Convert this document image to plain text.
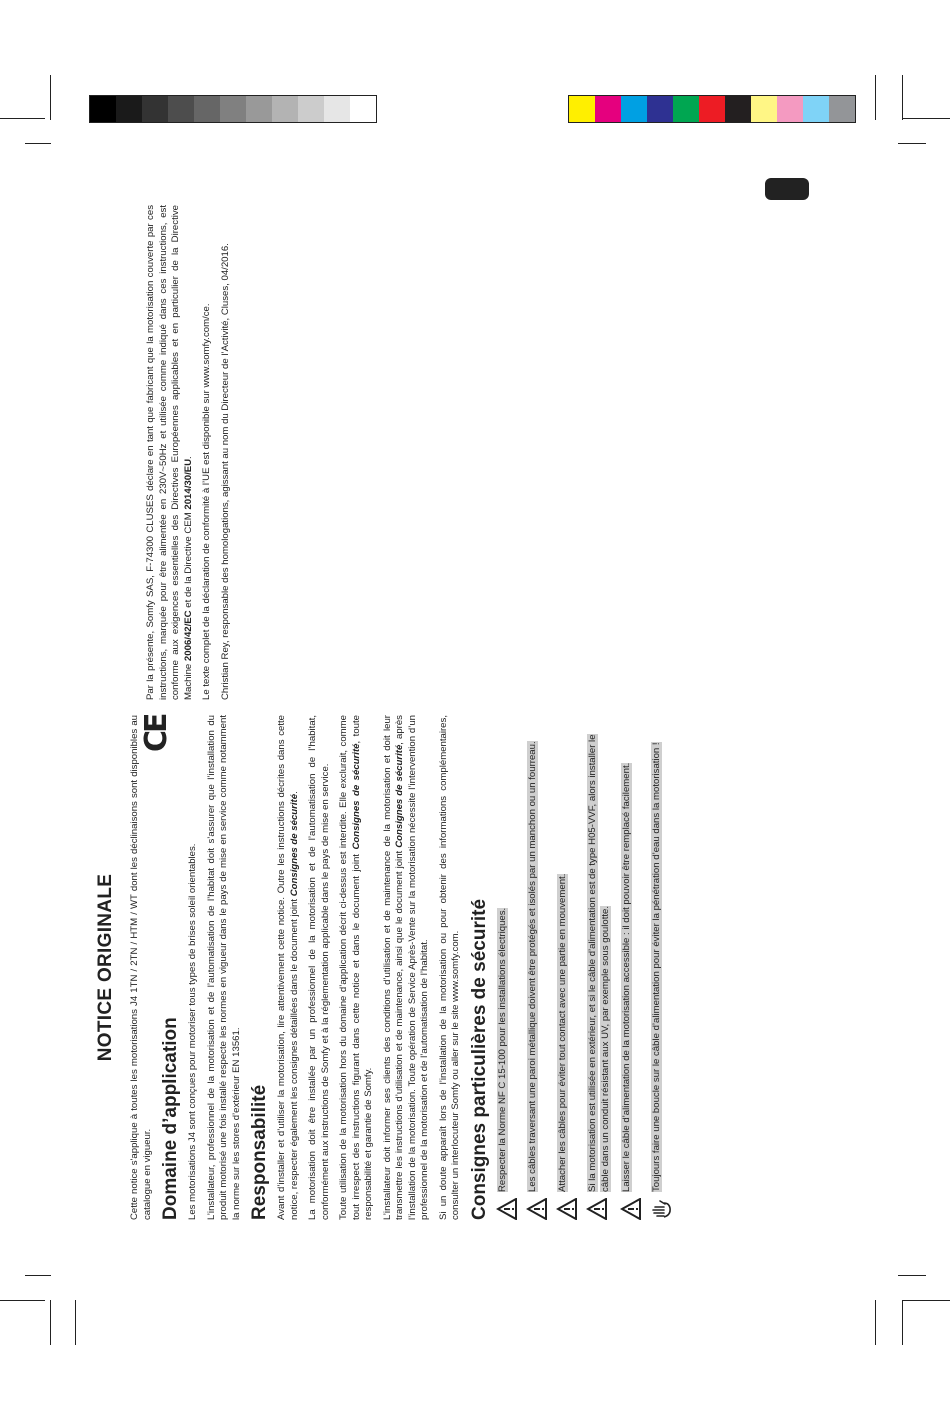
NOTICE ORIGINALE Cette notice s'applique à toutes les motorisations J4 1TN / 2TN / HTM / WT dont les déclinaisons sont disponibles au catalogue en vigueur. Domaine d’application Les motorisations J4 sont conçues pour motoriser tous types de brises soleil orientables. L’installateur, professionnel de la motorisation et de l’automatisation de l’habitat doit s’assurer que l’installation du produit motorisé une fois installé respecte les normes en vigueur dans le pays de mise en service comme notamment la norme sur les stores d’extérieur EN 13561. Responsabilité Avant d’installer et d’utiliser la motorisation, lire attentivement cette notice. Outre les instructions décrites dans cette notice, respecter également les consignes détaillées dans le document joint Consignes de sécurité. La motorisation doit être installée par un professionnel de la motorisation et de l’automatisation de l’habitat, conformément aux instructions de Somfy et à la réglementation applicable dans le pays de mise en service. Toute utilisation de la motorisation hors du domaine d’application décrit ci-dessus est interdite. Elle exclurait, comme tout irrespect des instructions figurant dans cette notice et dans le document joint Consignes de sécurité, toute responsabilité et garantie de Somfy. L’installateur doit informer ses clients des conditions d’utilisation et de maintenance de la motorisation et doit leur transmettre les instructions d’utilisation et de maintenance, ainsi que le document joint Consignes de sécurité, après l’installation de la motorisation. Toute opération de Service Après-Vente sur la motorisation nécessite l’intervention d’un professionnel de la motorisation et de l’automatisation de l’habitat. Si un doute apparaît lors de l’installation de la motorisation ou pour obtenir des informations complémentaires, consulter un interlocuteur Somfy ou aller sur le site www.somfy.com. Consignes particulières de sécurité Respecter la Norme NF C 15-100 pour les installations électriques. Les câbles traversant une paroi métallique doivent être protégés et isolés par un manchon ou un fourreau. Attacher les câbles pour éviter tout contact avec une partie en mouvement. Si la motorisation est utilisée en extérieur, et si le câble d’alimentation est de type H05-VVF, alors installer le câble dans un conduit résistant aux UV, par exemple sous goulotte. Laisser le câble d’alimentation de la motorisation accessible : il doit pouvoir être remplacé facilement. Toujours faire une boucle sur le câble d’alimentation pour éviter la pénétration d’eau dans la motorisation !
CE

Par la présente, Somfy SAS, F-74300 CLUSES déclare en tant que fabricant que la motorisation couverte par ces instructions, marquée pour être alimentée en 230V~50Hz et utilisée comme indiqué dans ces instructions, est conforme aux exigences essentielles des Directives Européennes applicables et en particulier de la Directive Machine 2006/42/EC et de la Directive CEM 2014/30/EU. Le texte complet de la déclaration de conformité à l’UE est disponible sur www.somfy.com/ce. Christian Rey, responsable des homologations, agissant au nom du Directeur de l’Activité, Cluses, 04/2016.
